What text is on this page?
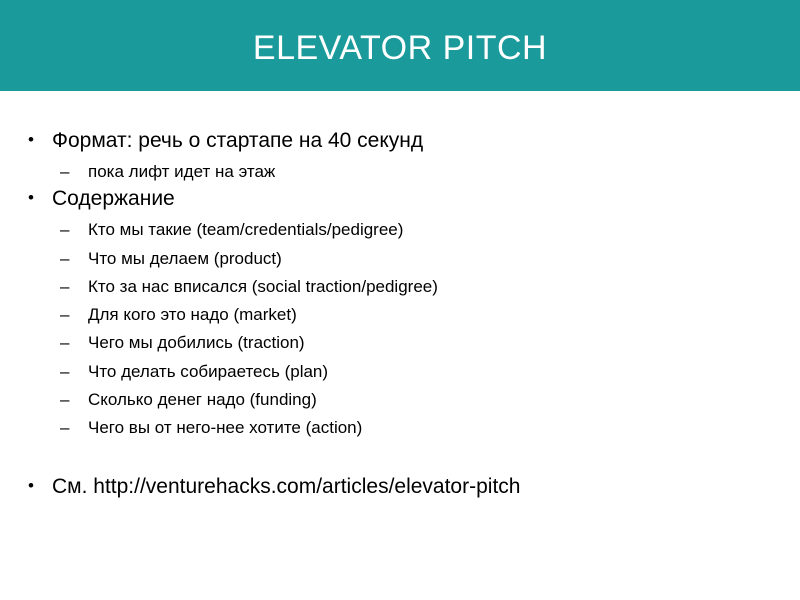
ELEVATOR PITCH
• Формат: речь о стартапе на 40 секунд
– пока лифт идет на этаж
• Содержание
– Кто мы такие (team/credentials/pedigree)
– Что мы делаем (product)
– Кто за нас вписался (social traction/pedigree)
– Для кого это надо (market)
– Чего мы добились (traction)
– Что делать собираетесь (plan)
– Сколько денег надо (funding)
– Чего вы от него-нее хотите (action)
• См. http://venturehacks.com/articles/elevator-pitch
